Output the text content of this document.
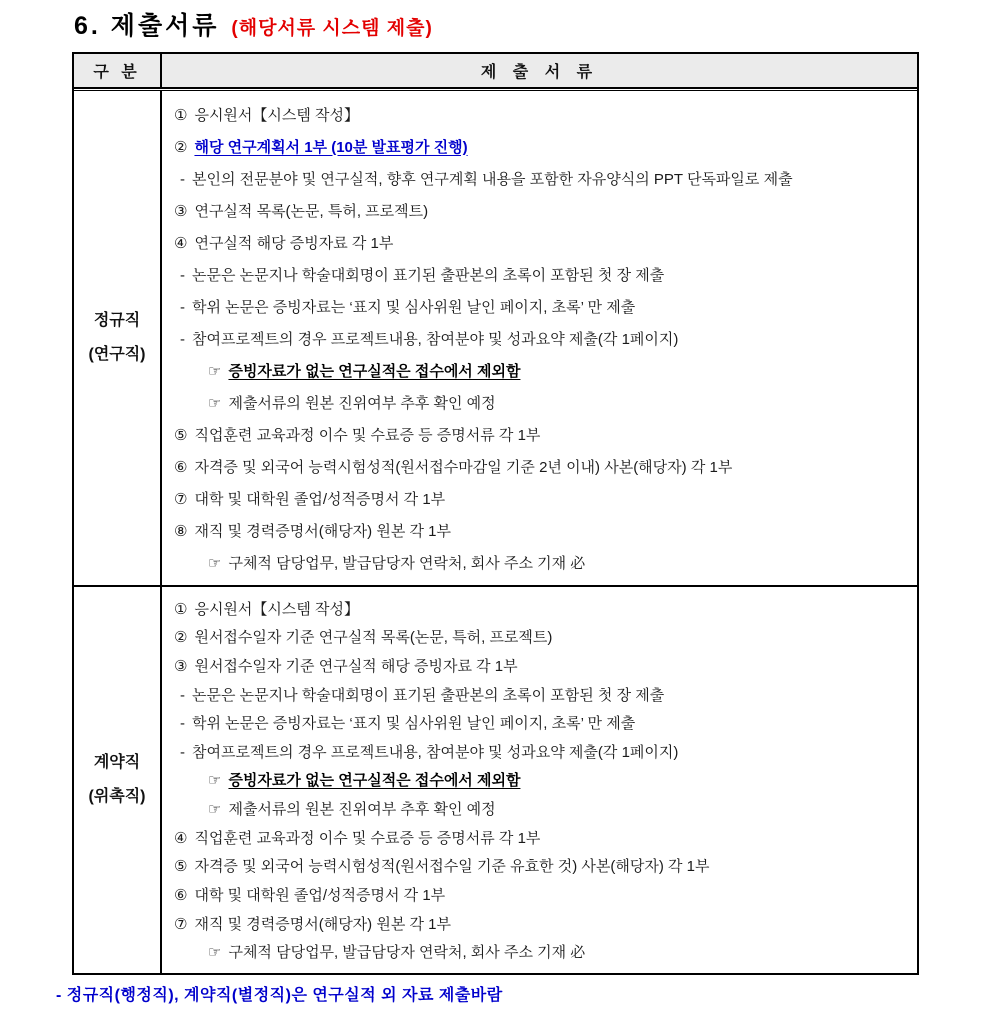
6. 제출서류 (해당서류 시스템 제출)
구 분	제 출 서 류
정규직
(연구직)
① 응시원서【시스템 작성】
② 해당 연구계획서 1부 (10분 발표평가 진행)
- 본인의 전문분야 및 연구실적, 향후 연구계획 내용을 포함한 자유양식의 PPT 단독파일로 제출
③ 연구실적 목록(논문, 특허, 프로젝트)
④ 연구실적 해당 증빙자료 각 1부
- 논문은 논문지나 학술대회명이 표기된 출판본의 초록이 포함된 첫 장 제출
- 학위 논문은 증빙자료는 ‘표지 및 심사위원 날인 페이지, 초록’ 만 제출
- 참여프로젝트의 경우 프로젝트내용, 참여분야 및 성과요약 제출(각 1페이지)
☞ 증빙자료가 없는 연구실적은 접수에서 제외함
☞ 제출서류의 원본 진위여부 추후 확인 예정
⑤ 직업훈련 교육과정 이수 및 수료증 등 증명서류 각 1부
⑥ 자격증 및 외국어 능력시험성적(원서접수마감일 기준 2년 이내) 사본(해당자) 각 1부
⑦ 대학 및 대학원 졸업/성적증명서 각 1부
⑧ 재직 및 경력증명서(해당자) 원본 각 1부
☞ 구체적 담당업무, 발급담당자 연락처, 회사 주소 기재 必
계약직
(위촉직)
① 응시원서【시스템 작성】
② 원서접수일자 기준 연구실적 목록(논문, 특허, 프로젝트)
③ 원서접수일자 기준 연구실적 해당 증빙자료 각 1부
- 논문은 논문지나 학술대회명이 표기된 출판본의 초록이 포함된 첫 장 제출
- 학위 논문은 증빙자료는 ‘표지 및 심사위원 날인 페이지, 초록’ 만 제출
- 참여프로젝트의 경우 프로젝트내용, 참여분야 및 성과요약 제출(각 1페이지)
☞ 증빙자료가 없는 연구실적은 접수에서 제외함
☞ 제출서류의 원본 진위여부 추후 확인 예정
④ 직업훈련 교육과정 이수 및 수료증 등 증명서류 각 1부
⑤ 자격증 및 외국어 능력시험성적(원서접수일 기준 유효한 것) 사본(해당자) 각 1부
⑥ 대학 및 대학원 졸업/성적증명서 각 1부
⑦ 재직 및 경력증명서(해당자) 원본 각 1부
☞ 구체적 담당업무, 발급담당자 연락처, 회사 주소 기재 必
- 정규직(행정직), 계약직(별정직)은 연구실적 외 자료 제출바람
